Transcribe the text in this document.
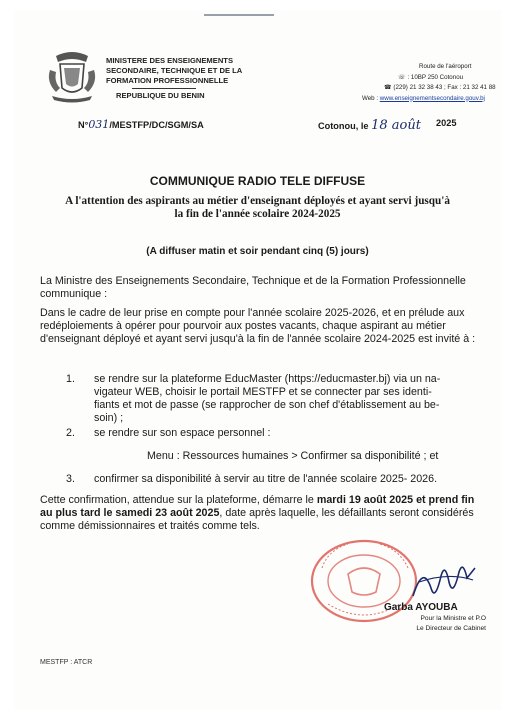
MINISTERE DES ENSEIGNEMENTS
SECONDAIRE, TECHNIQUE ET DE LA
FORMATION PROFESSIONNELLE
REPUBLIQUE DU BENIN
Route de l'aéroport
☏ : 10BP 250 Cotonou
☎ (229) 21 32 38 43 ; Fax : 21 32 41 88
Web : www.enseignementsecondaire.gouv.bj
N°031/MESTFP/DC/SGM/SA	Cotonou, le 18 août 2025
COMMUNIQUE RADIO TELE DIFFUSE
A l'attention des aspirants au métier d'enseignant déployés et ayant servi jusqu'à la fin de l'année scolaire 2024-2025
(A diffuser matin et soir pendant cinq (5) jours)
La Ministre des Enseignements Secondaire, Technique et de la Formation Professionnelle communique :
Dans le cadre de leur prise en compte pour l'année scolaire 2025-2026, et en prélude aux redéploiements à opérer pour pourvoir aux postes vacants, chaque aspirant au métier d'enseignant déployé et ayant servi jusqu'à la fin de l'année scolaire 2024-2025 est invité à :
1. se rendre sur la plateforme EducMaster (https://educmaster.bj) via un na-
vigateur WEB, choisir le portail MESTFP et se connecter par ses identi-
fiants et mot de passe (se rapprocher de son chef d'établissement au be-
soin) ;
2. se rendre sur son espace personnel :
Menu : Ressources humaines > Confirmer sa disponibilité ; et
3. confirmer sa disponibilité à servir au titre de l'année scolaire 2025- 2026.
Cette confirmation, attendue sur la plateforme, démarre le mardi 19 août 2025 et prend fin au plus tard le samedi 23 août 2025, date après laquelle, les défaillants seront considérés comme démissionnaires et traités comme tels.
Garba AYOUBA
Pour la Ministre et P.O
Le Directeur de Cabinet
MESTFP : ATCR
